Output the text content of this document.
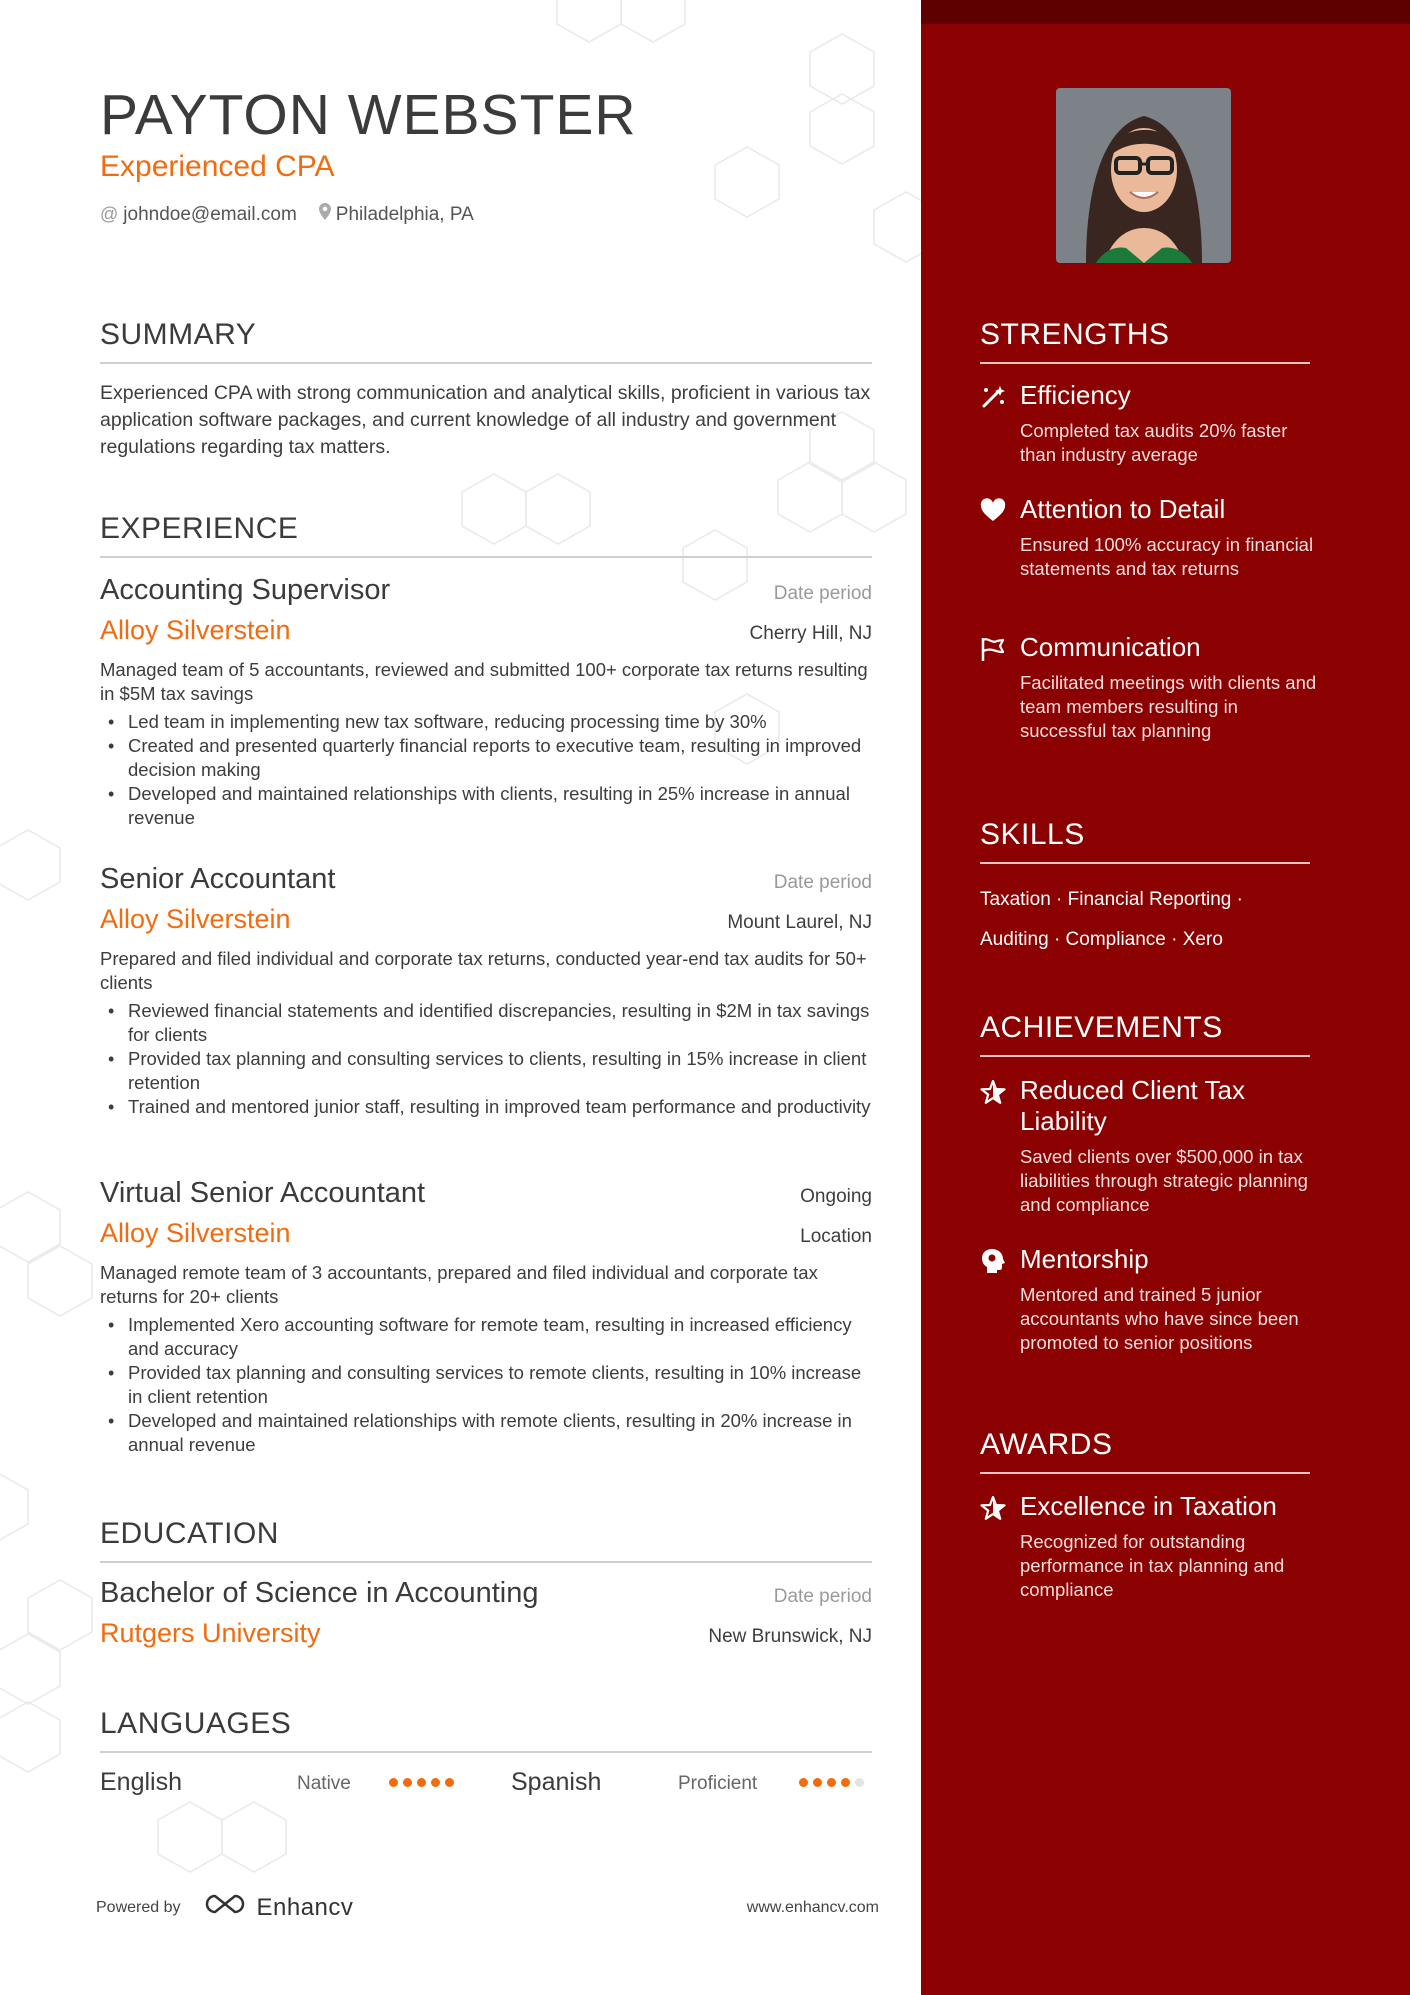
PAYTON WEBSTER
Experienced CPA
@ johndoe@email.com Philadelphia, PA
SUMMARY
Experienced CPA with strong communication and analytical skills, proficient in various tax application software packages, and current knowledge of all industry and government regulations regarding tax matters.
EXPERIENCE
Accounting Supervisor	Date period
Alloy Silverstein	Cherry Hill, NJ
Managed team of 5 accountants, reviewed and submitted 100+ corporate tax returns resulting in $5M tax savings
• Led team in implementing new tax software, reducing processing time by 30%
• Created and presented quarterly financial reports to executive team, resulting in improved decision making
• Developed and maintained relationships with clients, resulting in 25% increase in annual revenue
Senior Accountant	Date period
Alloy Silverstein	Mount Laurel, NJ
Prepared and filed individual and corporate tax returns, conducted year-end tax audits for 50+ clients
• Reviewed financial statements and identified discrepancies, resulting in $2M in tax savings for clients
• Provided tax planning and consulting services to clients, resulting in 15% increase in client retention
• Trained and mentored junior staff, resulting in improved team performance and productivity
Virtual Senior Accountant	Ongoing
Alloy Silverstein	Location
Managed remote team of 3 accountants, prepared and filed individual and corporate tax returns for 20+ clients
• Implemented Xero accounting software for remote team, resulting in increased efficiency and accuracy
• Provided tax planning and consulting services to remote clients, resulting in 10% increase in client retention
• Developed and maintained relationships with remote clients, resulting in 20% increase in annual revenue
EDUCATION
Bachelor of Science in Accounting	Date period
Rutgers University	New Brunswick, NJ
LANGUAGES
English	Native	Spanish	Proficient
Powered by	Enhancv	www.enhancv.com
STRENGTHS
Efficiency
Completed tax audits 20% faster than industry average
Attention to Detail
Ensured 100% accuracy in financial statements and tax returns
Communication
Facilitated meetings with clients and team members resulting in successful tax planning
SKILLS
Taxation · Financial Reporting ·
Auditing · Compliance · Xero
ACHIEVEMENTS
Reduced Client Tax Liability
Saved clients over $500,000 in tax liabilities through strategic planning and compliance
Mentorship
Mentored and trained 5 junior accountants who have since been promoted to senior positions
AWARDS
Excellence in Taxation
Recognized for outstanding performance in tax planning and compliance
